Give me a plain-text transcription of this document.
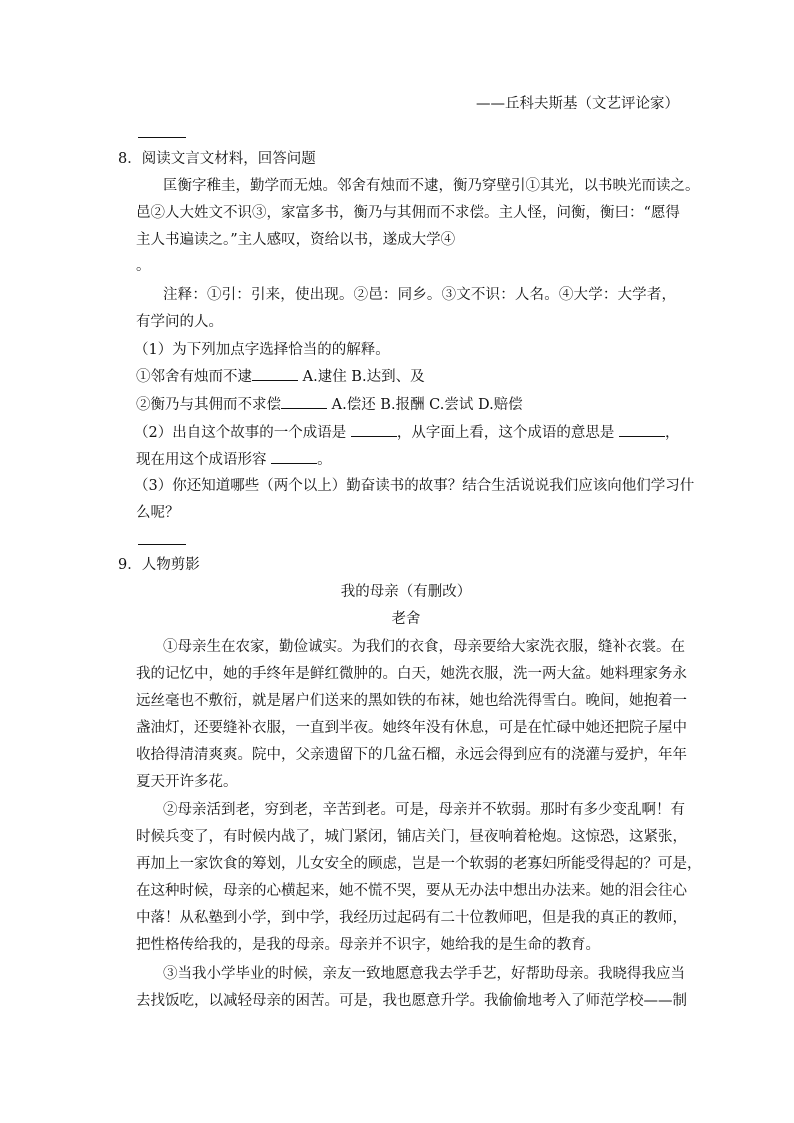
——丘科夫斯基（文艺评论家）
8．阅读文言文材料，回答问题
匡衡字稚圭，勤学而无烛。邻舍有烛而不逮，衡乃穿壁引①其光，以书映光而读之。
邑②人大姓文不识③，家富多书，衡乃与其佣而不求偿。主人怪，问衡，衡曰：“愿得
主人书遍读之。”主人感叹，资给以书，遂成大学④
。
注释：①引：引来，使出现。②邑：同乡。③文不识：人名。④大学：大学者，
有学问的人。
（1）为下列加点字选择恰当的的解释。
①邻舍有烛而不逮	A.逮住 B.达到、及
②衡乃与其佣而不求偿	A.偿还 B.报酬 C.尝试 D.赔偿
（2）出自这个故事的一个成语是	，从字面上看，这个成语的意思是	，
现在用这个成语形容	。
（3）你还知道哪些（两个以上）勤奋读书的故事？结合生活说说我们应该向他们学习什
么呢？
9．人物剪影
我的母亲（有删改）
老舍
①母亲生在农家，勤俭诚实。为我们的衣食，母亲要给大家洗衣服，缝补衣裳。在
我的记忆中，她的手终年是鲜红微肿的。白天，她洗衣服，洗一两大盆。她料理家务永
远丝毫也不敷衍，就是屠户们送来的黑如铁的布袜，她也给洗得雪白。晚间，她抱着一
盏油灯，还要缝补衣服，一直到半夜。她终年没有休息，可是在忙碌中她还把院子屋中
收拾得清清爽爽。院中，父亲遗留下的几盆石榴，永远会得到应有的浇灌与爱护，年年
夏天开许多花。
②母亲活到老，穷到老，辛苦到老。可是，母亲并不软弱。那时有多少变乱啊！有
时候兵变了，有时候内战了，城门紧闭，铺店关门，昼夜响着枪炮。这惊恐，这紧张，
再加上一家饮食的筹划，儿女安全的顾虑，岂是一个软弱的老寡妇所能受得起的？可是，
在这种时候，母亲的心横起来，她不慌不哭，要从无办法中想出办法来。她的泪会往心
中落！从私塾到小学，到中学，我经历过起码有二十位教师吧，但是我的真正的教师，
把性格传给我的，是我的母亲。母亲并不识字，她给我的是生命的教育。
③当我小学毕业的时候，亲友一致地愿意我去学手艺，好帮助母亲。我晓得我应当
去找饭吃，以减轻母亲的困苦。可是，我也愿意升学。我偷偷地考入了师范学校——制
